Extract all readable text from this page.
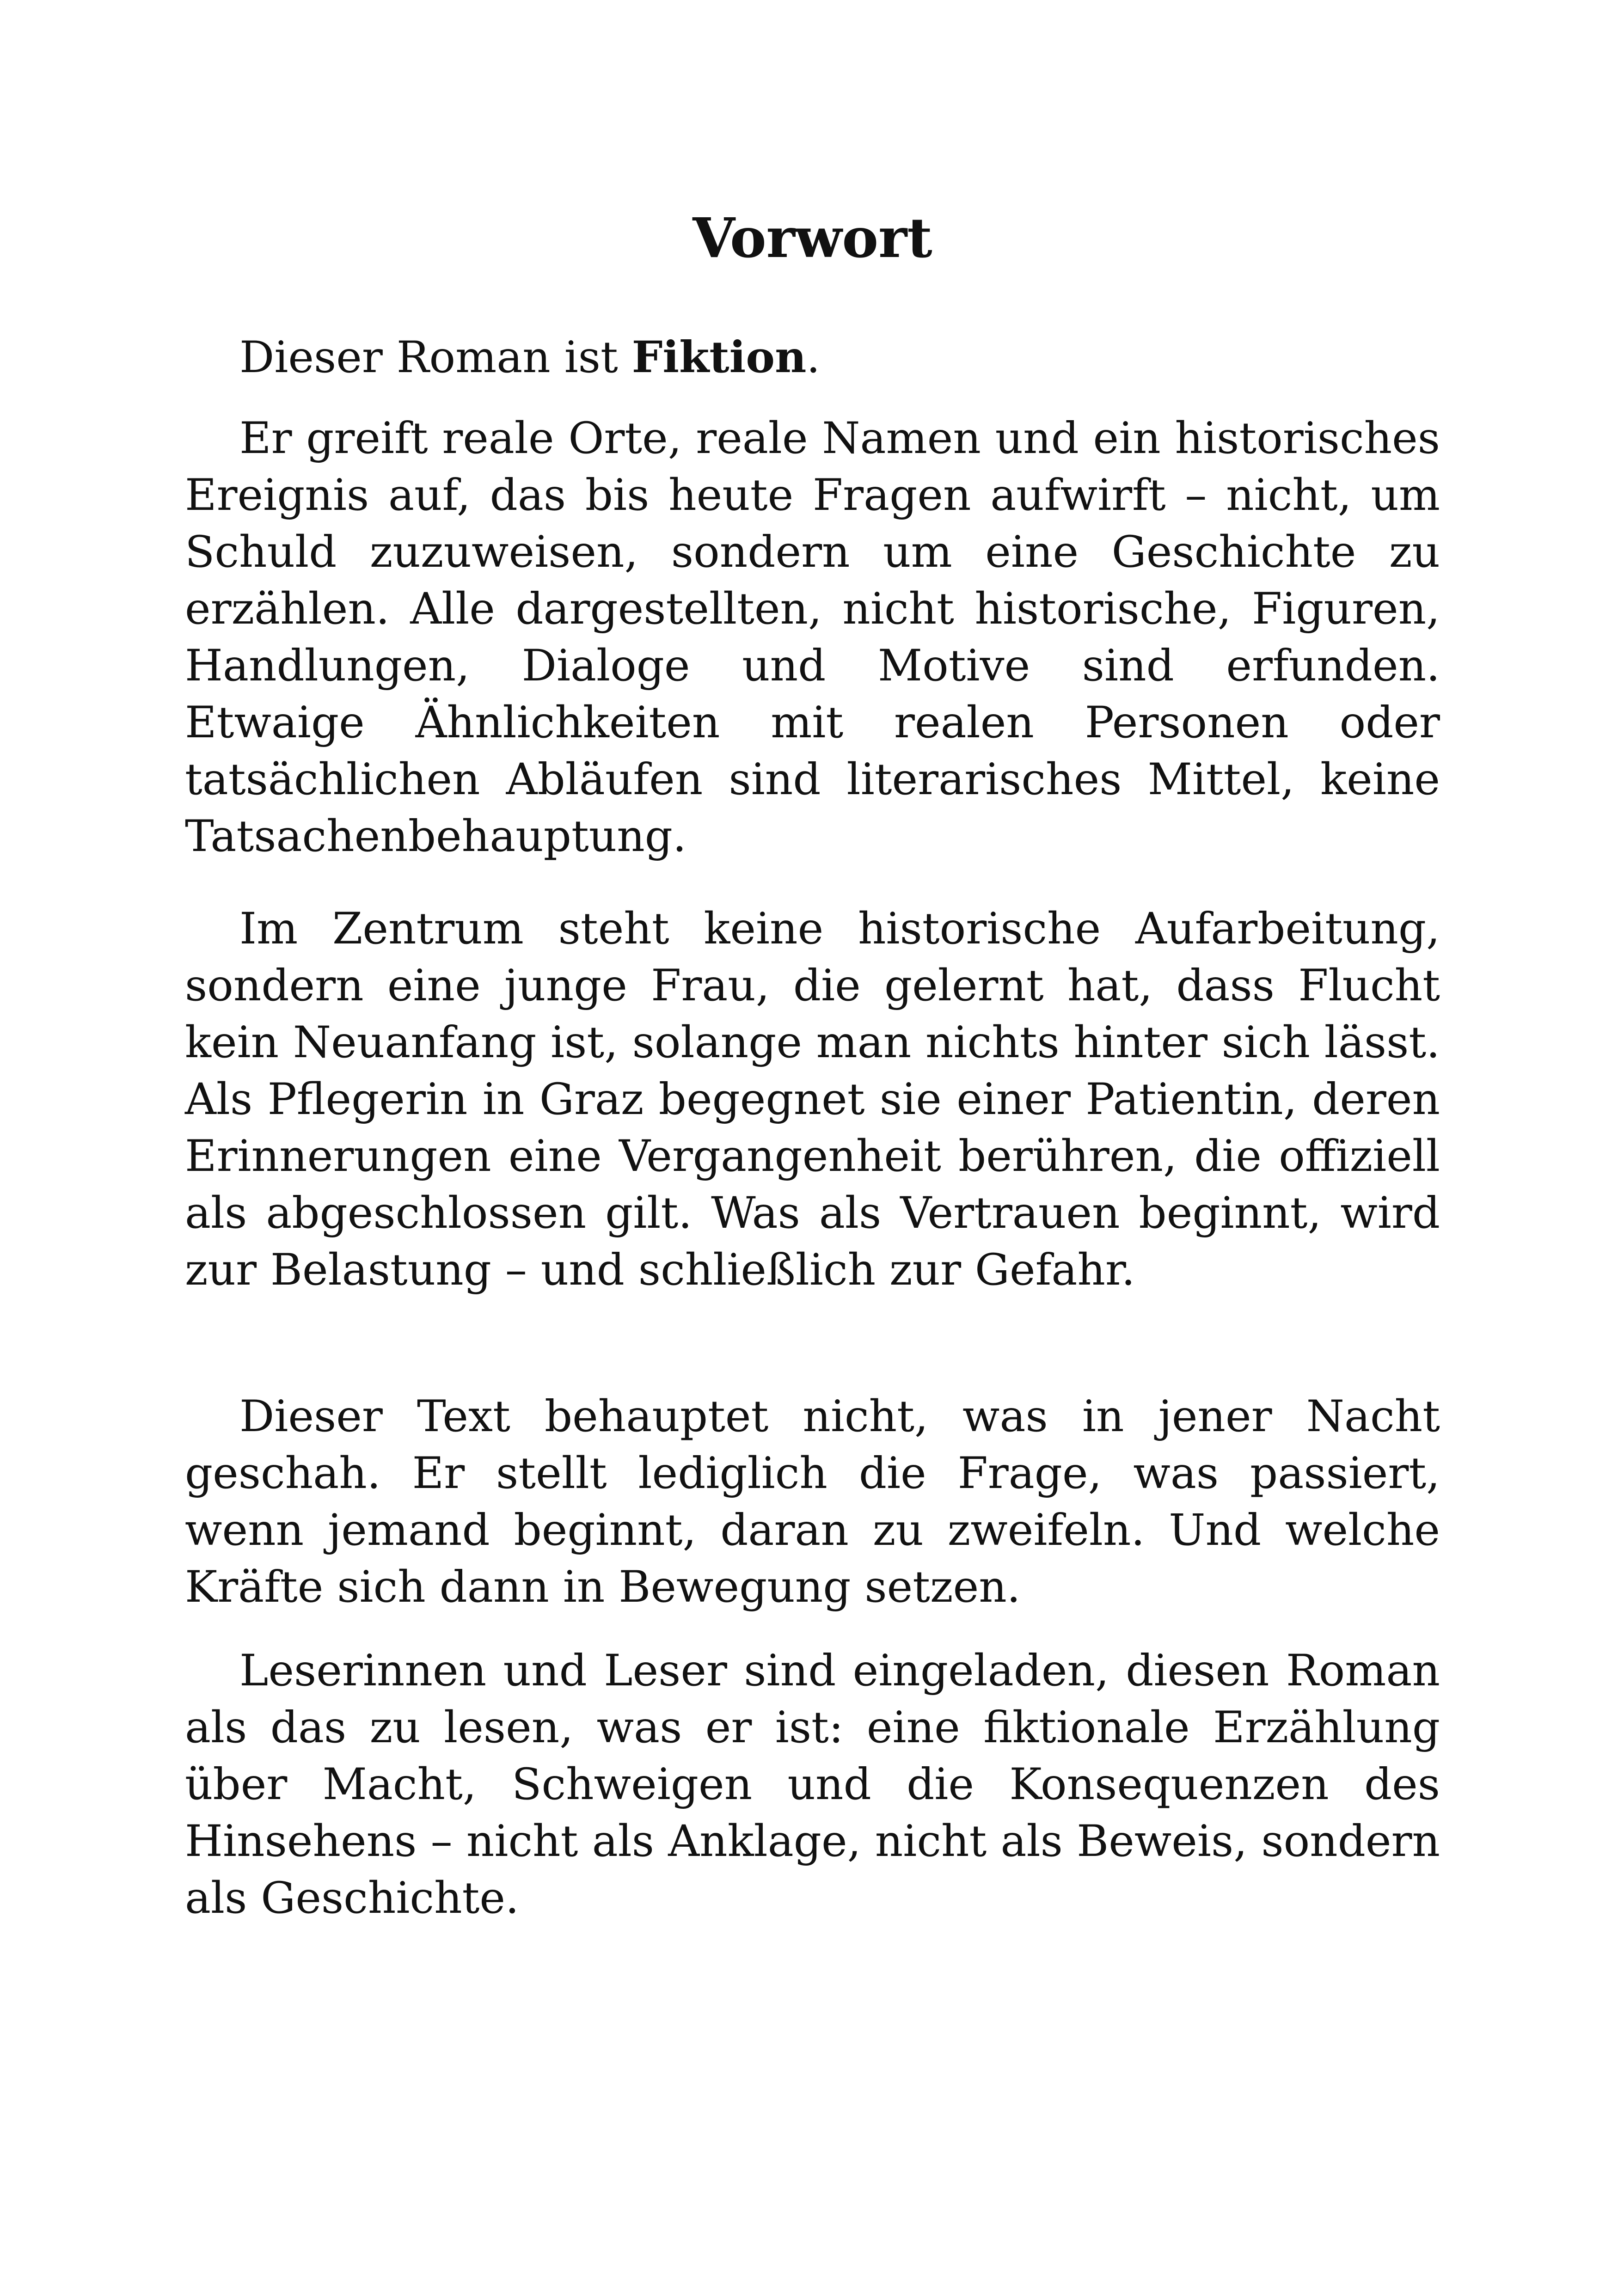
Vorwort

Dieser Roman ist Fiktion.

Er greift reale Orte, reale Namen und ein historisches Ereignis auf, das bis heute Fragen aufwirft – nicht, um Schuld zuzuweisen, sondern um eine Geschichte zu erzählen. Alle dargestellten, nicht historische, Figuren, Handlungen, Dialoge und Motive sind erfunden. Etwaige Ähnlichkeiten mit realen Personen oder tatsächlichen Abläufen sind literarisches Mittel, keine Tatsachenbehauptung.

Im Zentrum steht keine historische Aufarbeitung, sondern eine junge Frau, die gelernt hat, dass Flucht kein Neuanfang ist, solange man nichts hinter sich lässt. Als Pflegerin in Graz begegnet sie einer Patientin, deren Erinnerungen eine Vergangenheit berühren, die offiziell als abgeschlossen gilt. Was als Vertrauen beginnt, wird zur Belastung – und schließlich zur Gefahr.

Dieser Text behauptet nicht, was in jener Nacht geschah. Er stellt lediglich die Frage, was passiert, wenn jemand beginnt, daran zu zweifeln. Und welche Kräfte sich dann in Bewegung setzen.

Leserinnen und Leser sind eingeladen, diesen Roman als das zu lesen, was er ist: eine fiktionale Erzählung über Macht, Schweigen und die Konsequenzen des Hinsehens – nicht als Anklage, nicht als Beweis, sondern als Geschichte.
